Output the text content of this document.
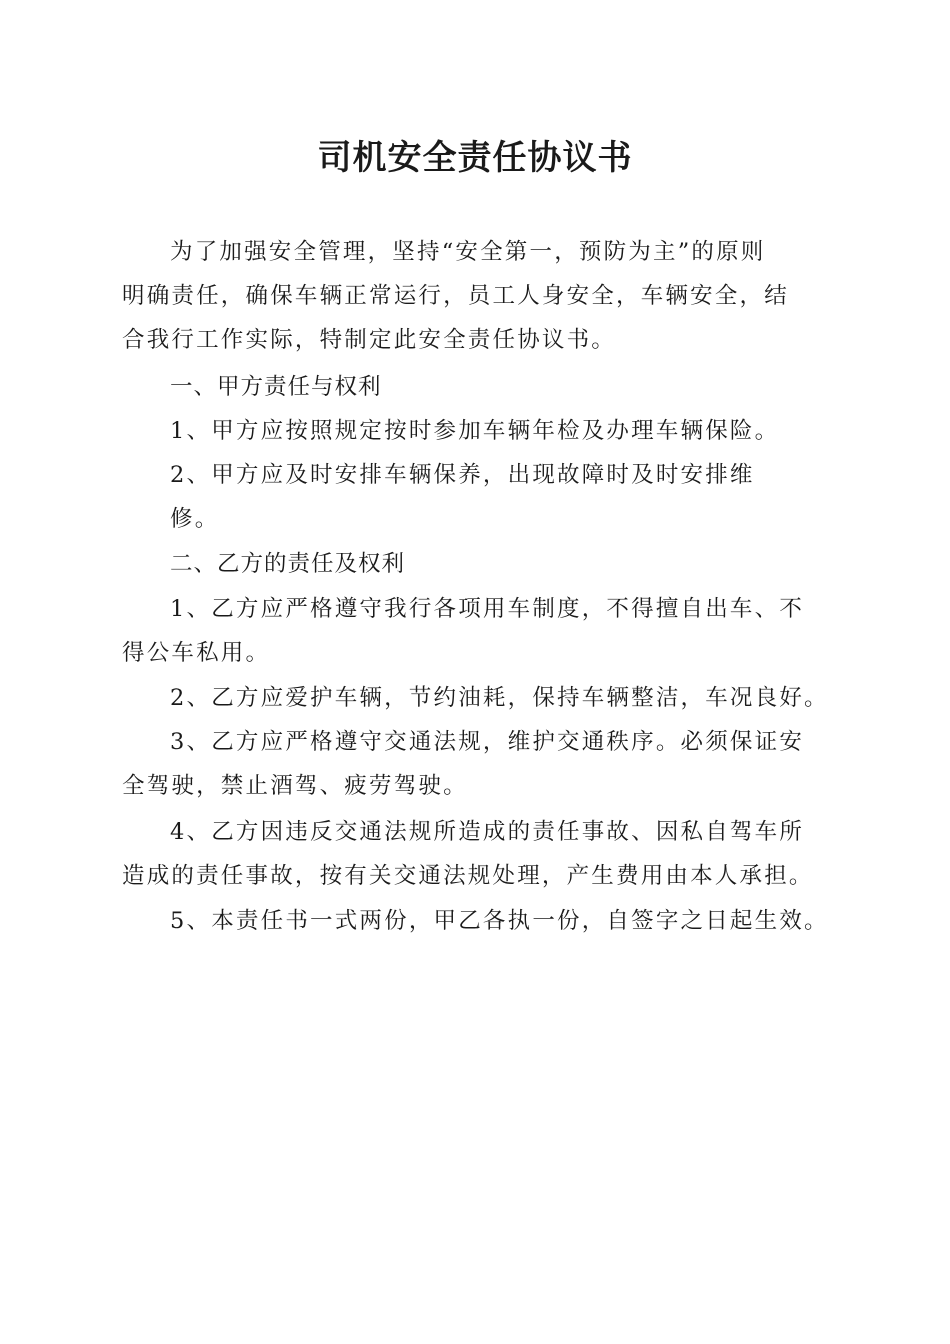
司机安全责任协议书
为了加强安全管理，坚持“安全第一，预防为主”的原则
明确责任，确保车辆正常运行，员工人身安全，车辆安全，结
合我行工作实际，特制定此安全责任协议书。
一、甲方责任与权利
1、甲方应按照规定按时参加车辆年检及办理车辆保险。
2、甲方应及时安排车辆保养，出现故障时及时安排维
修。
二、乙方的责任及权利
1、乙方应严格遵守我行各项用车制度，不得擅自出车、不
得公车私用。
2、乙方应爱护车辆，节约油耗，保持车辆整洁，车况良好。
3、乙方应严格遵守交通法规，维护交通秩序。必须保证安
全驾驶，禁止酒驾、疲劳驾驶。
4、乙方因违反交通法规所造成的责任事故、因私自驾车所
造成的责任事故，按有关交通法规处理，产生费用由本人承担。
5、本责任书一式两份，甲乙各执一份，自签字之日起生效。
